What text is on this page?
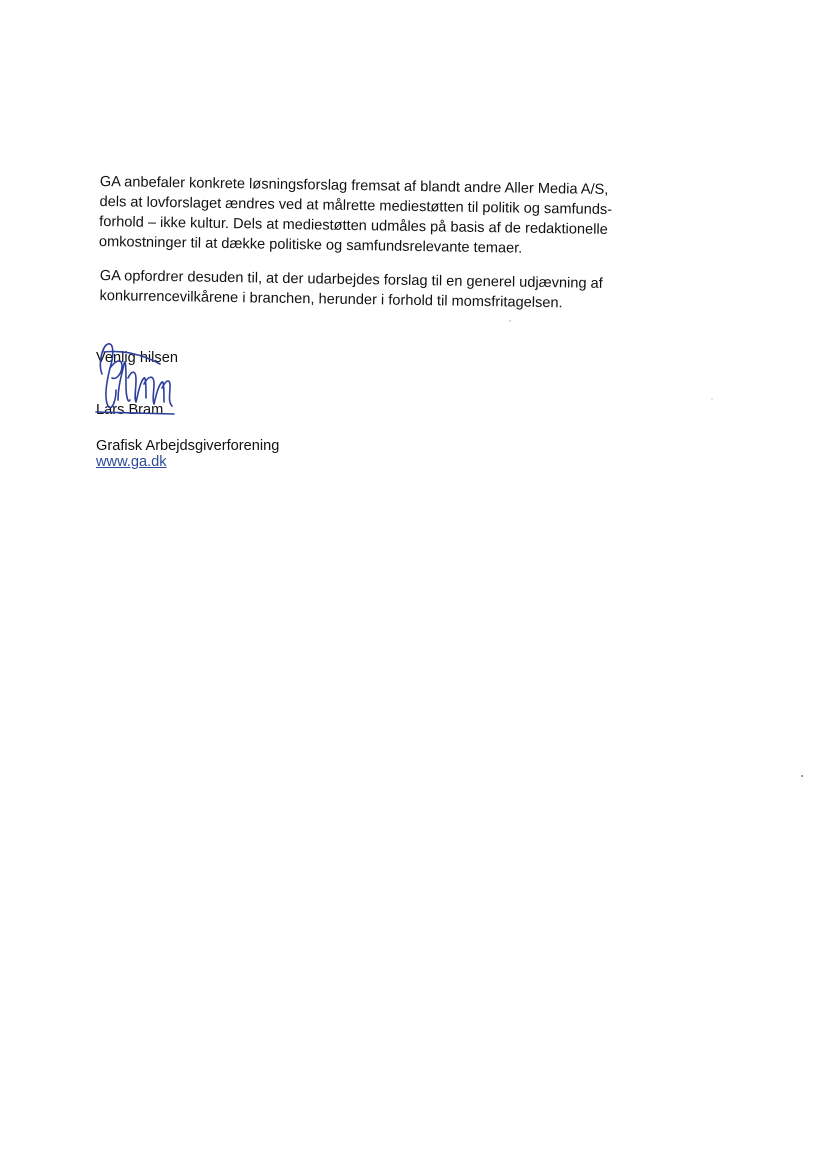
GA anbefaler konkrete løsningsforslag fremsat af blandt andre Aller Media A/S,
dels at lovforslaget ændres ved at målrette mediestøtten til politik og samfunds-
forhold – ikke kultur. Dels at mediestøtten udmåles på basis af de redaktionelle
omkostninger til at dække politiske og samfundsrelevante temaer.

GA opfordrer desuden til, at der udarbejdes forslag til en generel udjævning af
konkurrencevilkårene i branchen, herunder i forhold til momsfritagelsen.

Venlig hilsen
Lars Bram
Grafisk Arbejdsgiverforening
www.ga.dk
